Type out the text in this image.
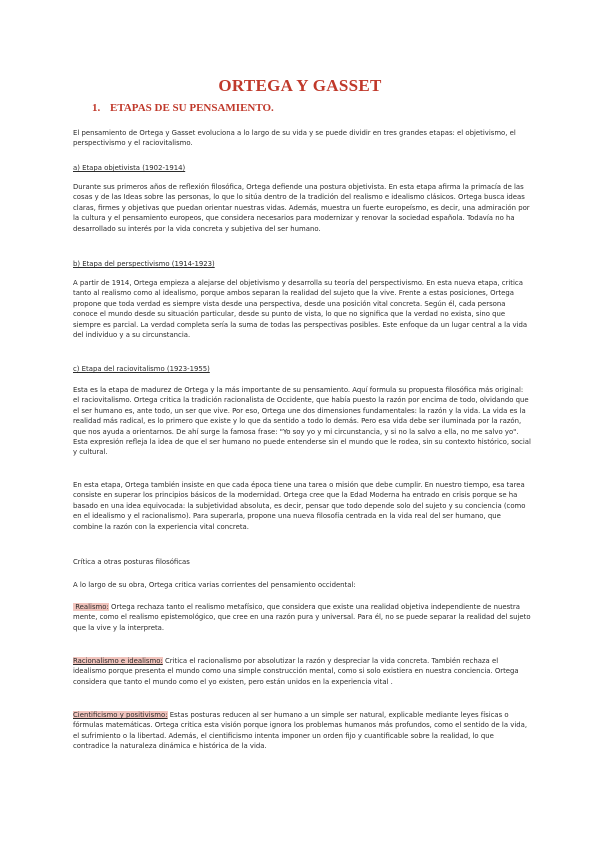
ORTEGA Y GASSET
1. ETAPAS DE SU PENSAMIENTO.

El pensamiento de Ortega y Gasset evoluciona a lo largo de su vida y se puede dividir en tres grandes etapas: el objetivismo, el perspectivismo y el raciovitalismo.

a) Etapa objetivista (1902-1914)

Durante sus primeros años de reflexión filosófica, Ortega defiende una postura objetivista. En esta etapa afirma la primacía de las cosas y de las Ideas sobre las personas, lo que lo sitúa dentro de la tradición del realismo e idealismo clásicos. Ortega busca ideas claras, firmes y objetivas que puedan orientar nuestras vidas. Además, muestra un fuerte europeísmo, es decir, una admiración por la cultura y el pensamiento europeos, que considera necesarios para modernizar y renovar la sociedad española. Todavía no ha desarrollado su interés por la vida concreta y subjetiva del ser humano.

b) Etapa del perspectivismo (1914-1923)

A partir de 1914, Ortega empieza a alejarse del objetivismo y desarrolla su teoría del perspectivismo. En esta nueva etapa, critica tanto al realismo como al idealismo, porque ambos separan la realidad del sujeto que la vive. Frente a estas posiciones, Ortega propone que toda verdad es siempre vista desde una perspectiva, desde una posición vital concreta. Según él, cada persona conoce el mundo desde su situación particular, desde su punto de vista, lo que no significa que la verdad no exista, sino que siempre es parcial. La verdad completa sería la suma de todas las perspectivas posibles. Este enfoque da un lugar central a la vida del individuo y a su circunstancia.

c) Etapa del raciovitalismo (1923-1955)

Esta es la etapa de madurez de Ortega y la más importante de su pensamiento. Aquí formula su propuesta filosófica más original: el raciovitalismo. Ortega critica la tradición racionalista de Occidente, que había puesto la razón por encima de todo, olvidando que el ser humano es, ante todo, un ser que vive. Por eso, Ortega une dos dimensiones fundamentales: la razón y la vida. La vida es la realidad más radical, es lo primero que existe y lo que da sentido a todo lo demás. Pero esa vida debe ser iluminada por la razón, que nos ayuda a orientarnos. De ahí surge la famosa frase: "Yo soy yo y mi circunstancia, y si no la salvo a ella, no me salvo yo". Esta expresión refleja la idea de que el ser humano no puede entenderse sin el mundo que le rodea, sin su contexto histórico, social y cultural.

En esta etapa, Ortega también insiste en que cada época tiene una tarea o misión que debe cumplir. En nuestro tiempo, esa tarea consiste en superar los principios básicos de la modernidad. Ortega cree que la Edad Moderna ha entrado en crisis porque se ha basado en una idea equivocada: la subjetividad absoluta, es decir, pensar que todo depende solo del sujeto y su conciencia (como en el idealismo y el racionalismo). Para superarla, propone una nueva filosofía centrada en la vida real del ser humano, que combine la razón con la experiencia vital concreta.

Crítica a otras posturas filosóficas

A lo largo de su obra, Ortega critica varias corrientes del pensamiento occidental:

Realismo: Ortega rechaza tanto el realismo metafísico, que considera que existe una realidad objetiva independiente de nuestra mente, como el realismo epistemológico, que cree en una razón pura y universal. Para él, no se puede separar la realidad del sujeto que la vive y la interpreta.

Racionalismo e idealismo: Critica el racionalismo por absolutizar la razón y despreciar la vida concreta. También rechaza el idealismo porque presenta el mundo como una simple construcción mental, como si solo existiera en nuestra conciencia. Ortega considera que tanto el mundo como el yo existen, pero están unidos en la experiencia vital .

Cientificismo y positivismo: Estas posturas reducen al ser humano a un simple ser natural, explicable mediante leyes físicas o fórmulas matemáticas. Ortega critica esta visión porque ignora los problemas humanos más profundos, como el sentido de la vida, el sufrimiento o la libertad. Además, el cientificismo intenta imponer un orden fijo y cuantificable sobre la realidad, lo que contradice la naturaleza dinámica e histórica de la vida.
